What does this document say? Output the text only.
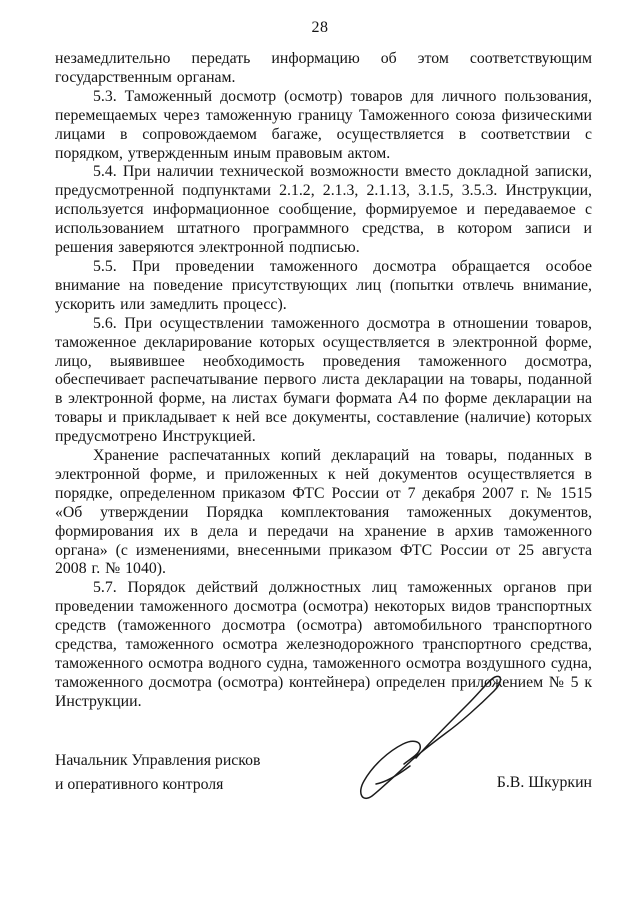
28

незамедлительно передать информацию об этом соответствующим государственным органам.

5.3. Таможенный досмотр (осмотр) товаров для личного пользования, перемещаемых через таможенную границу Таможенного союза физическими лицами в сопровождаемом багаже, осуществляется в соответствии с порядком, утвержденным иным правовым актом.

5.4. При наличии технической возможности вместо докладной записки, предусмотренной подпунктами 2.1.2, 2.1.3, 2.1.13, 3.1.5, 3.5.3. Инструкции, используется информационное сообщение, формируемое и передаваемое с использованием штатного программного средства, в котором записи и решения заверяются электронной подписью.

5.5. При проведении таможенного досмотра обращается особое внимание на поведение присутствующих лиц (попытки отвлечь внимание, ускорить или замедлить процесс).

5.6. При осуществлении таможенного досмотра в отношении товаров, таможенное декларирование которых осуществляется в электронной форме, лицо, выявившее необходимость проведения таможенного досмотра, обеспечивает распечатывание первого листа декларации на товары, поданной в электронной форме, на листах бумаги формата А4 по форме декларации на товары и прикладывает к ней все документы, составление (наличие) которых предусмотрено Инструкцией.

Хранение распечатанных копий деклараций на товары, поданных в электронной форме, и приложенных к ней документов осуществляется в порядке, определенном приказом ФТС России от 7 декабря 2007 г. № 1515 «Об утверждении Порядка комплектования таможенных документов, формирования их в дела и передачи на хранение в архив таможенного органа» (с изменениями, внесенными приказом ФТС России от 25 августа 2008 г. № 1040).

5.7. Порядок действий должностных лиц таможенных органов при проведении таможенного досмотра (осмотра) некоторых видов транспортных средств (таможенного досмотра (осмотра) автомобильного транспортного средства, таможенного осмотра железнодорожного транспортного средства, таможенного осмотра водного судна, таможенного осмотра воздушного судна, таможенного досмотра (осмотра) контейнера) определен приложением № 5 к Инструкции.

Начальник Управления рисков
и оперативного контроля	Б.В. Шкуркин
